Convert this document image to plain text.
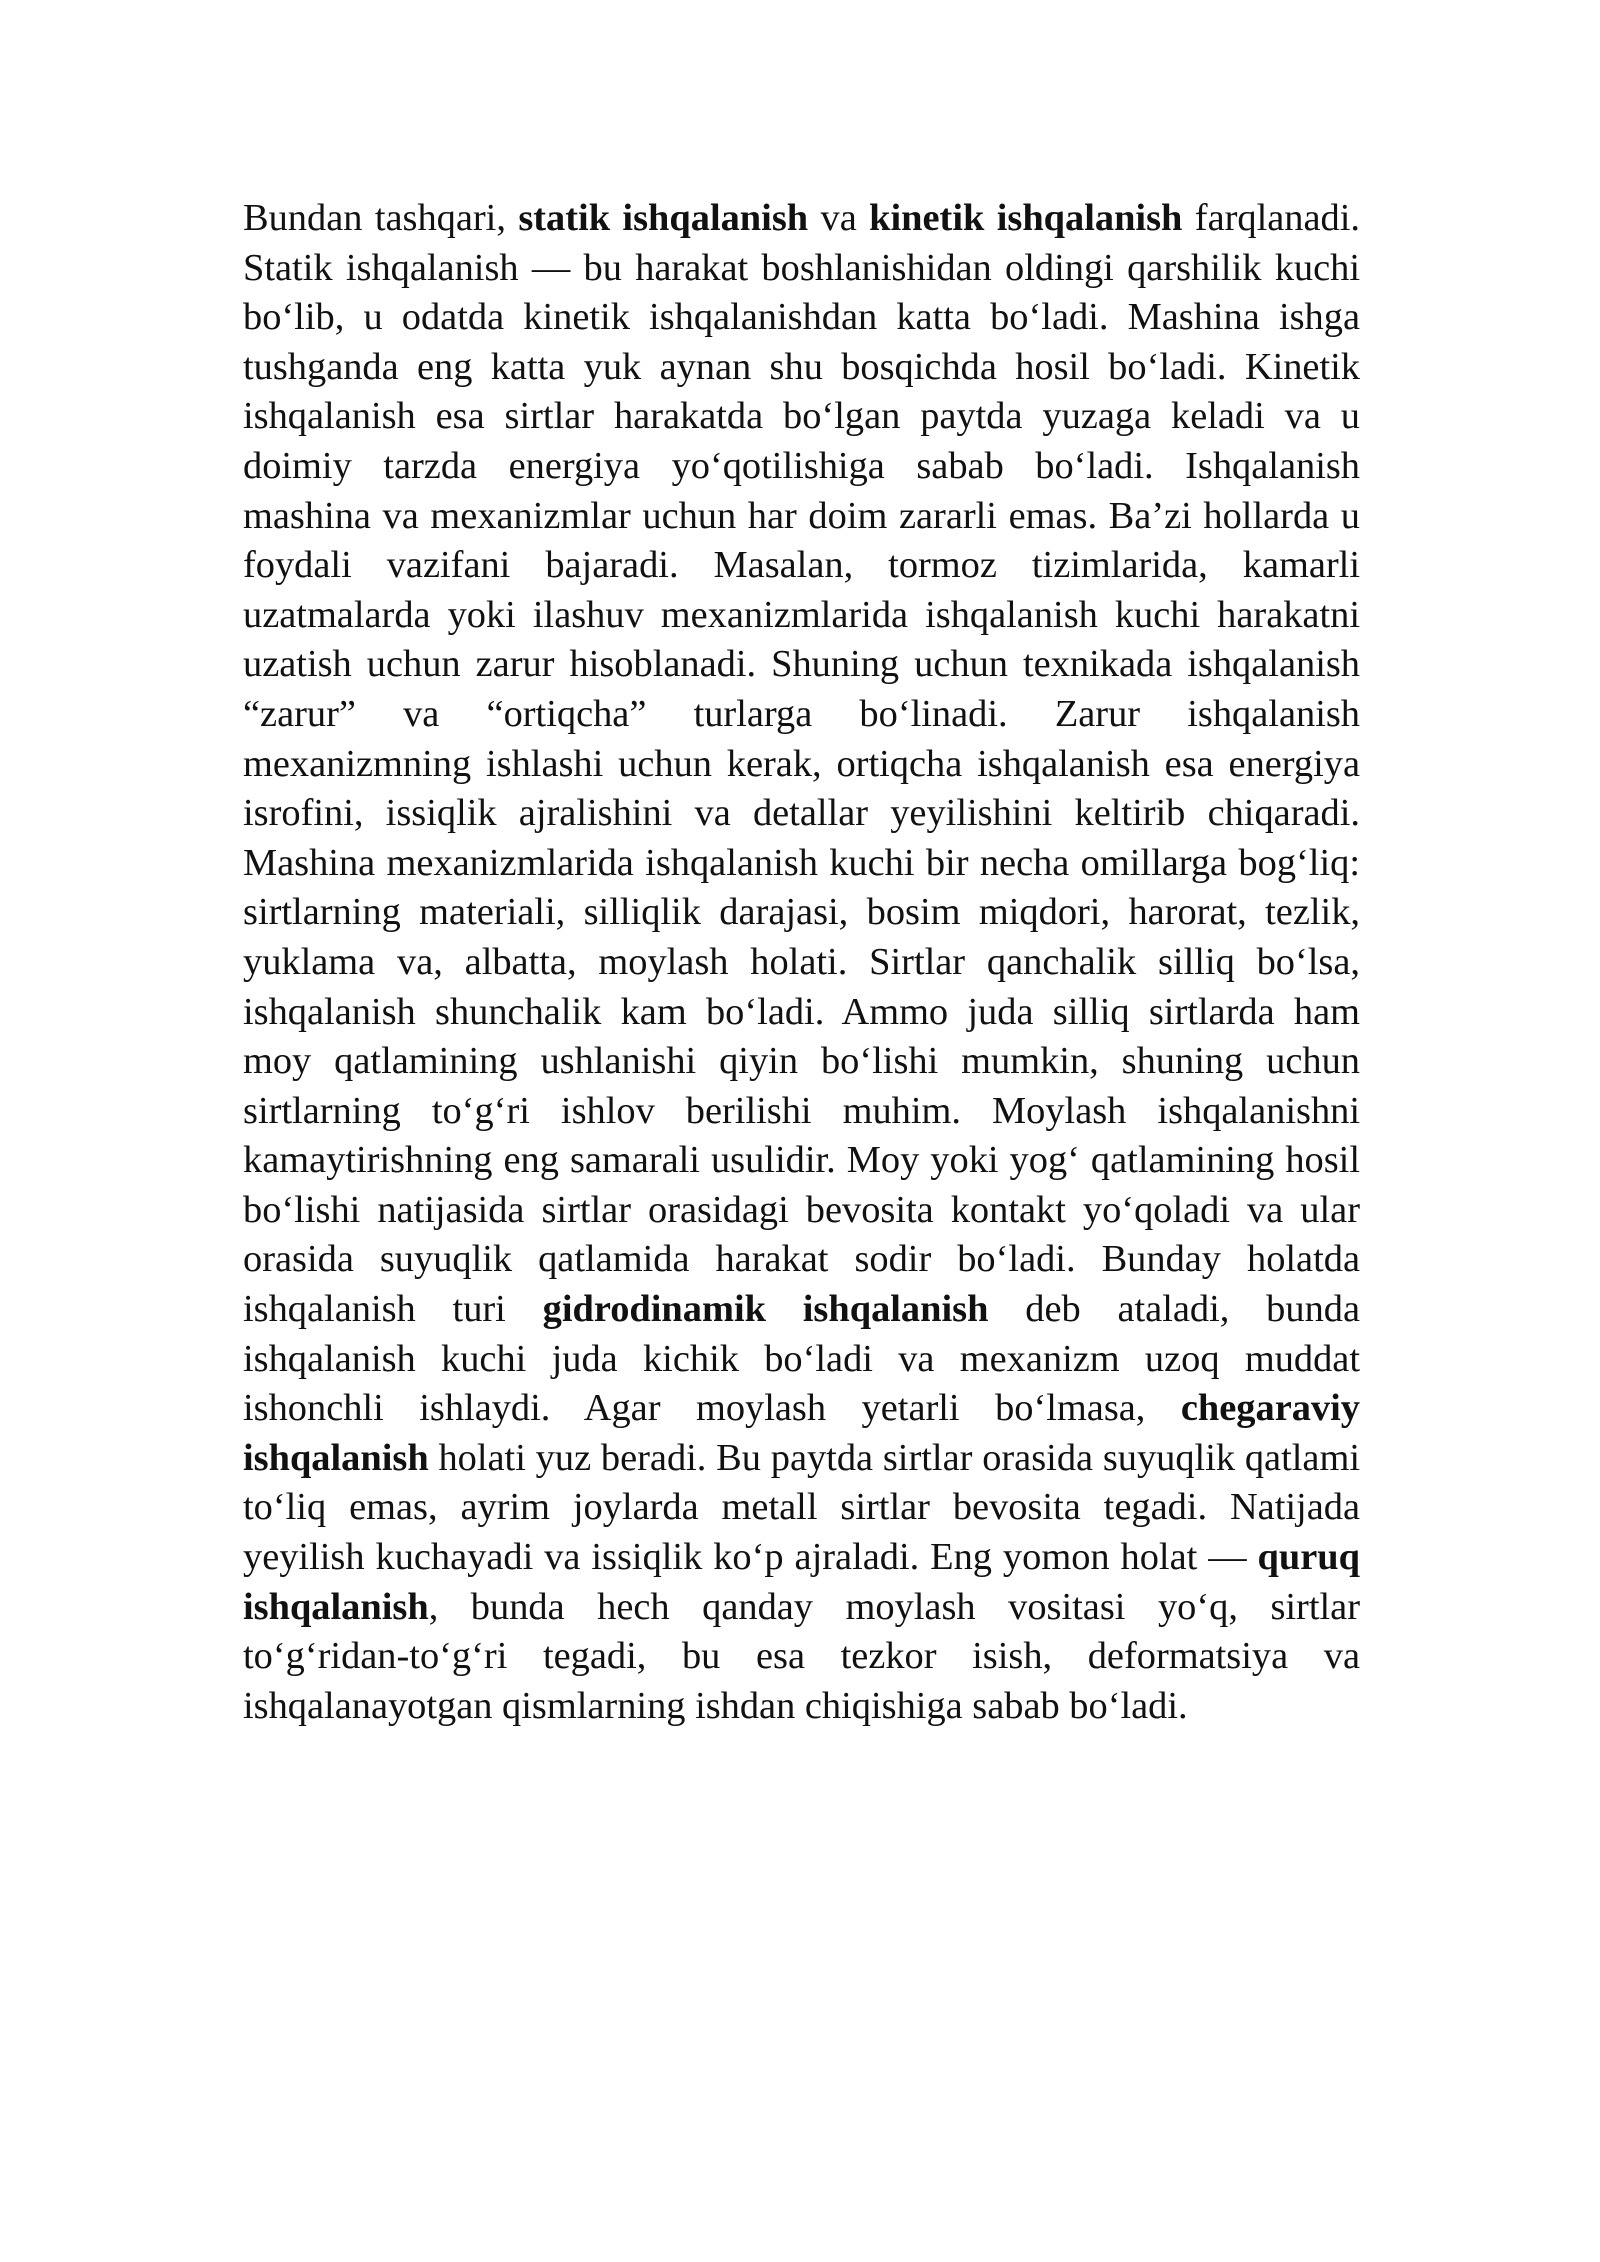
Bundan tashqari, statik ishqalanish va kinetik ishqalanish farqlanadi. Statik ishqalanish — bu harakat boshlanishidan oldingi qarshilik kuchi bo‘lib, u odatda kinetik ishqalanishdan katta bo‘ladi. Mashina ishga tushganda eng katta yuk aynan shu bosqichda hosil bo‘ladi. Kinetik ishqalanish esa sirtlar harakatda bo‘lgan paytda yuzaga keladi va u doimiy tarzda energiya yo‘qotilishiga sabab bo‘ladi. Ishqalanish mashina va mexanizmlar uchun har doim zararli emas. Ba’zi hollarda u foydali vazifani bajaradi. Masalan, tormoz tizimlarida, kamarli uzatmalarda yoki ilashuv mexanizmlarida ishqalanish kuchi harakatni uzatish uchun zarur hisoblanadi. Shuning uchun texnikada ishqalanish “zarur” va “ortiqcha” turlarga bo‘linadi. Zarur ishqalanish mexanizmning ishlashi uchun kerak, ortiqcha ishqalanish esa energiya isrofini, issiqlik ajralishini va detallar yeyilishini keltirib chiqaradi. Mashina mexanizmlarida ishqalanish kuchi bir necha omillarga bog‘liq: sirtlarning materiali, silliqlik darajasi, bosim miqdori, harorat, tezlik, yuklama va, albatta, moylash holati. Sirtlar qanchalik silliq bo‘lsa, ishqalanish shunchalik kam bo‘ladi. Ammo juda silliq sirtlarda ham moy qatlamining ushlanishi qiyin bo‘lishi mumkin, shuning uchun sirtlarning to‘g‘ri ishlov berilishi muhim. Moylash ishqalanishni kamaytirishning eng samarali usulidir. Moy yoki yog‘ qatlamining hosil bo‘lishi natijasida sirtlar orasidagi bevosita kontakt yo‘qoladi va ular orasida suyuqlik qatlamida harakat sodir bo‘ladi. Bunday holatda ishqalanish turi gidrodinamik ishqalanish deb ataladi, bunda ishqalanish kuchi juda kichik bo‘ladi va mexanizm uzoq muddat ishonchli ishlaydi. Agar moylash yetarli bo‘lmasa, chegaraviy ishqalanish holati yuz beradi. Bu paytda sirtlar orasida suyuqlik qatlami to‘liq emas, ayrim joylarda metall sirtlar bevosita tegadi. Natijada yeyilish kuchayadi va issiqlik ko‘p ajraladi. Eng yomon holat — quruq ishqalanish, bunda hech qanday moylash vositasi yo‘q, sirtlar to‘g‘ridan-to‘g‘ri tegadi, bu esa tezkor isish, deformatsiya va ishqalanayotgan qismlarning ishdan chiqishiga sabab bo‘ladi.
